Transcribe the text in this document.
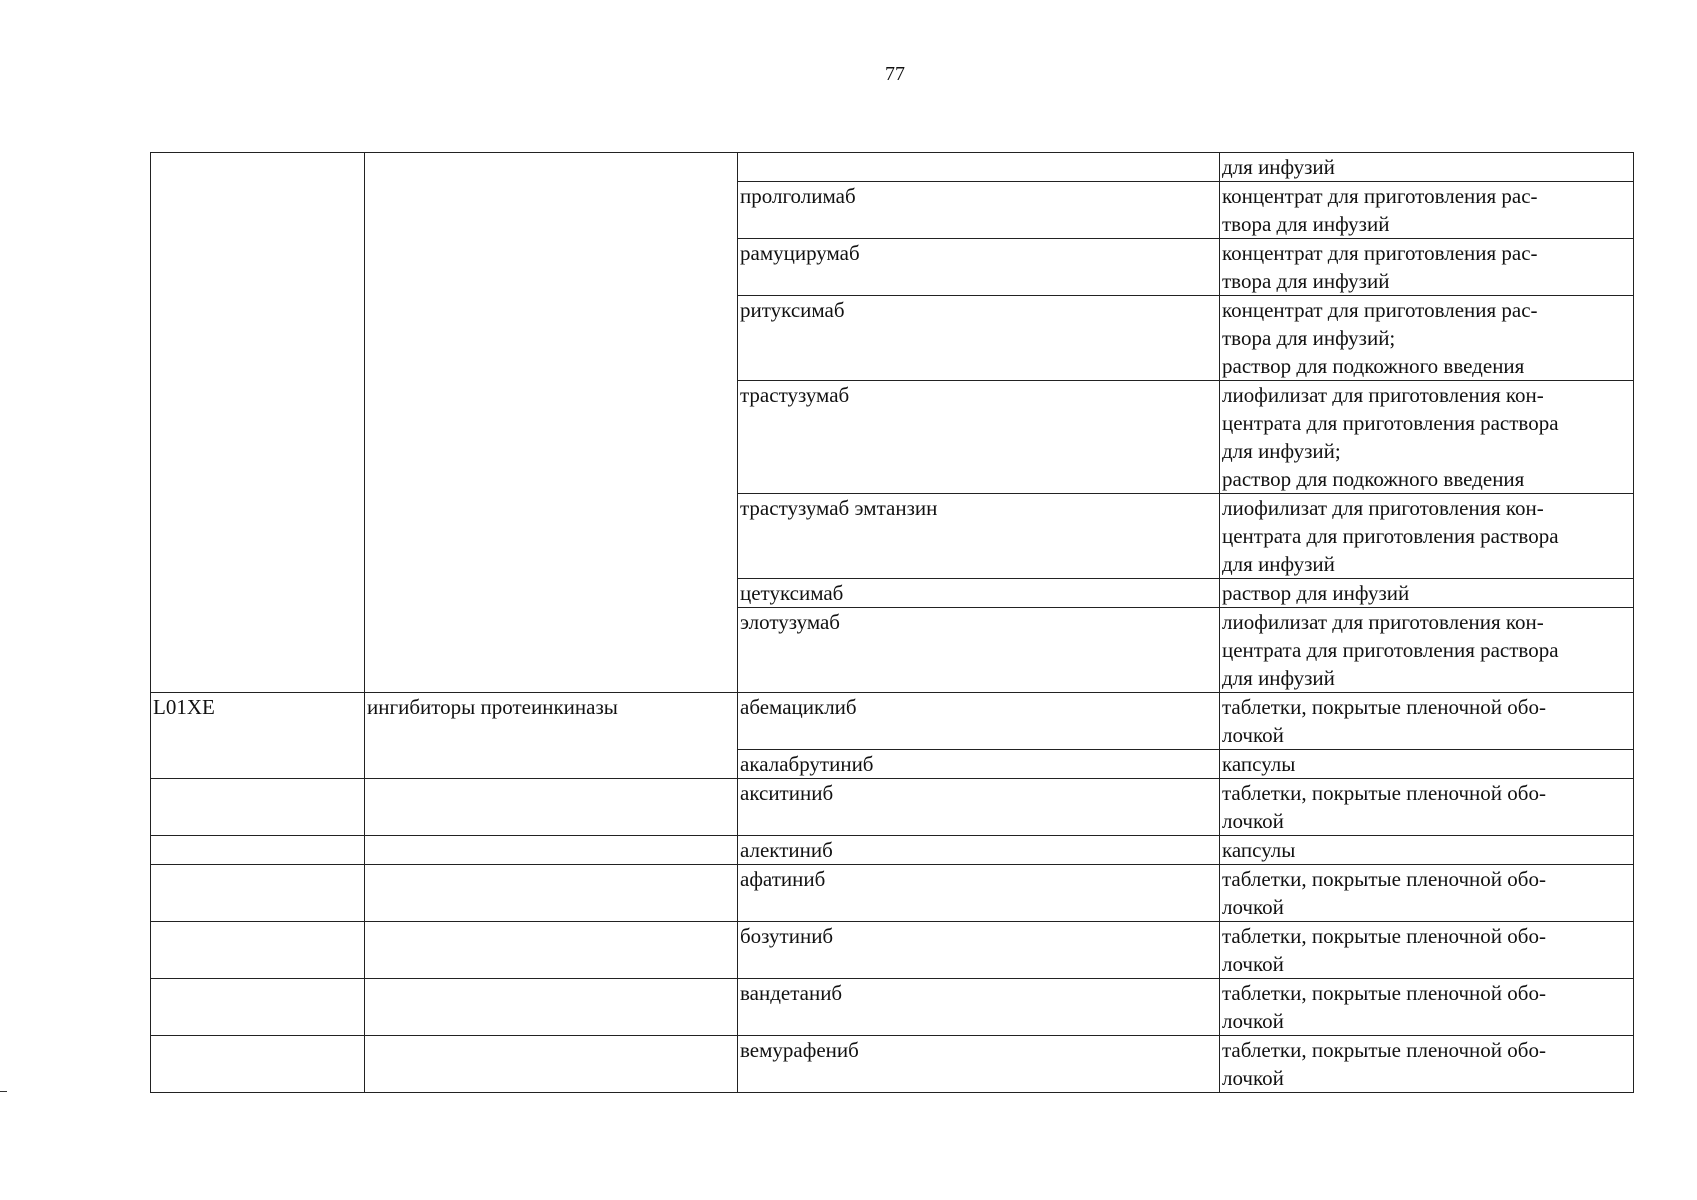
77

			для инфузий

		пролголимаб	концентрат для приготовления рас-
твора для инфузий

		рамуцирумаб	концентрат для приготовления рас-
твора для инфузий

		ритуксимаб	концентрат для приготовления рас-
твора для инфузий;
раствор для подкожного введения

		трастузумаб	лиофилизат для приготовления кон-
центрата для приготовления раствора
для инфузий;
раствор для подкожного введения

		трастузумаб эмтанзин	лиофилизат для приготовления кон-
центрата для приготовления раствора
для инфузий

		цетуксимаб	раствор для инфузий

		элотузумаб	лиофилизат для приготовления кон-
центрата для приготовления раствора
для инфузий

L01XE	ингибиторы протеинкиназы	абемациклиб	таблетки, покрытые пленочной обо-
лочкой

		акалабрутиниб	капсулы

		акситиниб	таблетки, покрытые пленочной обо-
лочкой

		алектиниб	капсулы

		афатиниб	таблетки, покрытые пленочной обо-
лочкой

		бозутиниб	таблетки, покрытые пленочной обо-
лочкой

		вандетаниб	таблетки, покрытые пленочной обо-
лочкой

		вемурафениб	таблетки, покрытые пленочной обо-
лочкой
